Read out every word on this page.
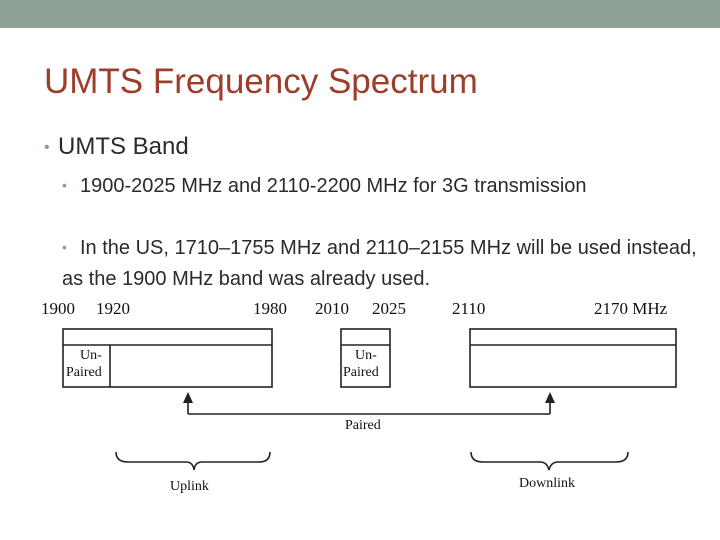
UMTS Frequency Spectrum
• UMTS Band
• 1900-2025 MHz and 2110-2200 MHz for 3G transmission
• In the US, 1710–1755 MHz and 2110–2155 MHz will be used instead, as the 1900 MHz band was already used.
1900 1920	1980 2010 2025	2110	2170 MHz
Un-
Paired
Un-
Paired
Paired
Uplink	Downlink
